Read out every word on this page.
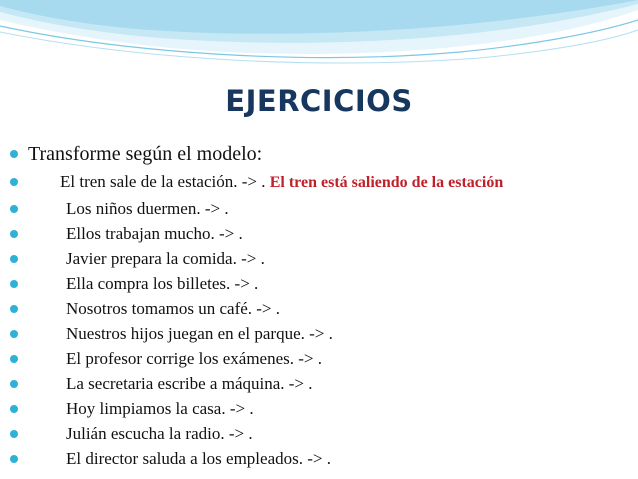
EJERCICIOS
Transforme según el modelo:
El tren sale de la estación. -> . El tren está saliendo de la estación
Los niños duermen. -> .
Ellos trabajan mucho. -> .
Javier prepara la comida. -> .
Ella compra los billetes. -> .
Nosotros tomamos un café. -> .
Nuestros hijos juegan en el parque. -> .
El profesor corrige los exámenes. -> .
La secretaria escribe a máquina. -> .
Hoy limpiamos la casa. -> .
Julián escucha la radio. -> .
El director saluda a los empleados. -> .
